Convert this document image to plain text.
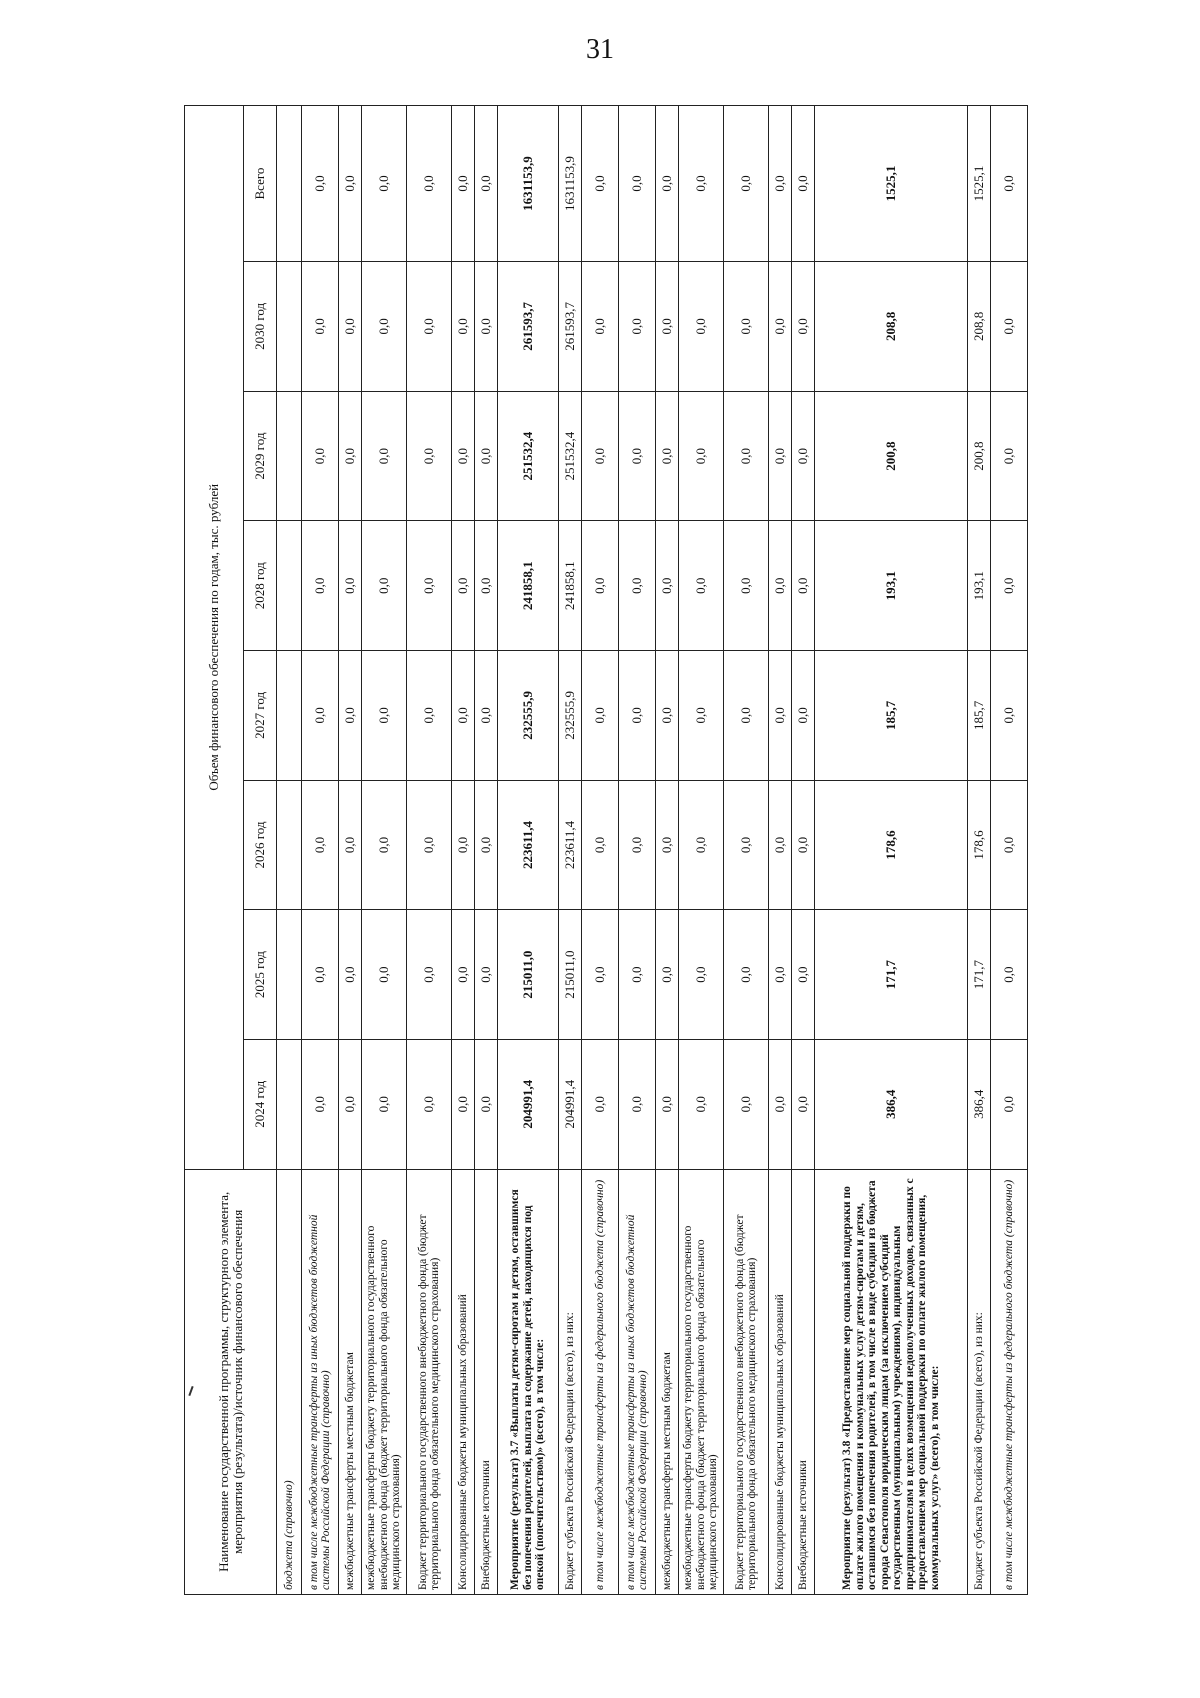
31
Наименование государственной программы, структурного элемента, мероприятия (результата)/источник финансового обеспечения	Объем финансового обеспечения по годам, тыс. рублей							
	2024 год	2025 год	2026 год	2027 год	2028 год	2029 год	2030 год	Всего
бюджета (справочно)								
в том числе межбюджетные трансферты из иных бюджетов бюджетной системы Российской Федерации (справочно)	0,0	0,0	0,0	0,0	0,0	0,0	0,0	0,0
межбюджетные трансферты местным бюджетам	0,0	0,0	0,0	0,0	0,0	0,0	0,0	0,0
межбюджетные трансферты бюджету территориального государственного внебюджетного фонда (бюджет территориального фонда обязательного медицинского страхования)	0,0	0,0	0,0	0,0	0,0	0,0	0,0	0,0
Бюджет территориального государственного внебюджетного фонда (бюджет территориального фонда обязательного медицинского страхования)	0,0	0,0	0,0	0,0	0,0	0,0	0,0	0,0
Консолидированные бюджеты муниципальных образований	0,0	0,0	0,0	0,0	0,0	0,0	0,0	0,0
Внебюджетные источники	0,0	0,0	0,0	0,0	0,0	0,0	0,0	0,0
Мероприятие (результат) 3.7 «Выплаты детям-сиротам и детям, оставшимся без попечения родителей, выплата на содержание детей, находящихся под опекой (попечительством)» (всего), в том числе:	204991,4	215011,0	223611,4	232555,9	241858,1	251532,4	261593,7	1631153,9
Бюджет субъекта Российской Федерации (всего), из них:	204991,4	215011,0	223611,4	232555,9	241858,1	251532,4	261593,7	1631153,9
в том числе межбюджетные трансферты из федерального бюджета (справочно)	0,0	0,0	0,0	0,0	0,0	0,0	0,0	0,0
в том числе межбюджетные трансферты из иных бюджетов бюджетной системы Российской Федерации (справочно)	0,0	0,0	0,0	0,0	0,0	0,0	0,0	0,0
межбюджетные трансферты местным бюджетам	0,0	0,0	0,0	0,0	0,0	0,0	0,0	0,0
межбюджетные трансферты бюджету территориального государственного внебюджетного фонда (бюджет территориального фонда обязательного медицинского страхования)	0,0	0,0	0,0	0,0	0,0	0,0	0,0	0,0
Бюджет территориального государственного внебюджетного фонда (бюджет территориального фонда обязательного медицинского страхования)	0,0	0,0	0,0	0,0	0,0	0,0	0,0	0,0
Консолидированные бюджеты муниципальных образований	0,0	0,0	0,0	0,0	0,0	0,0	0,0	0,0
Внебюджетные источники	0,0	0,0	0,0	0,0	0,0	0,0	0,0	0,0
Мероприятие (результат) 3.8 «Предоставление мер социальной поддержки по оплате жилого помещения и коммунальных услуг детям-сиротам и детям, оставшимся без попечения родителей, в том числе в виде субсидии из бюджета города Севастополя юридическим лицам (за исключением субсидий государственным (муниципальным) учреждениям), индивидуальным предпринимателям в целях возмещения недополученных доходов, связанных с предоставлением мер социальной поддержки по оплате жилого помещения, коммунальных услуг» (всего), в том числе:	386,4	171,7	178,6	185,7	193,1	200,8	208,8	1525,1
Бюджет субъекта Российской Федерации (всего), из них:	386,4	171,7	178,6	185,7	193,1	200,8	208,8	1525,1
в том числе межбюджетные трансферты из федерального бюджета (справочно)	0,0	0,0	0,0	0,0	0,0	0,0	0,0	0,0
